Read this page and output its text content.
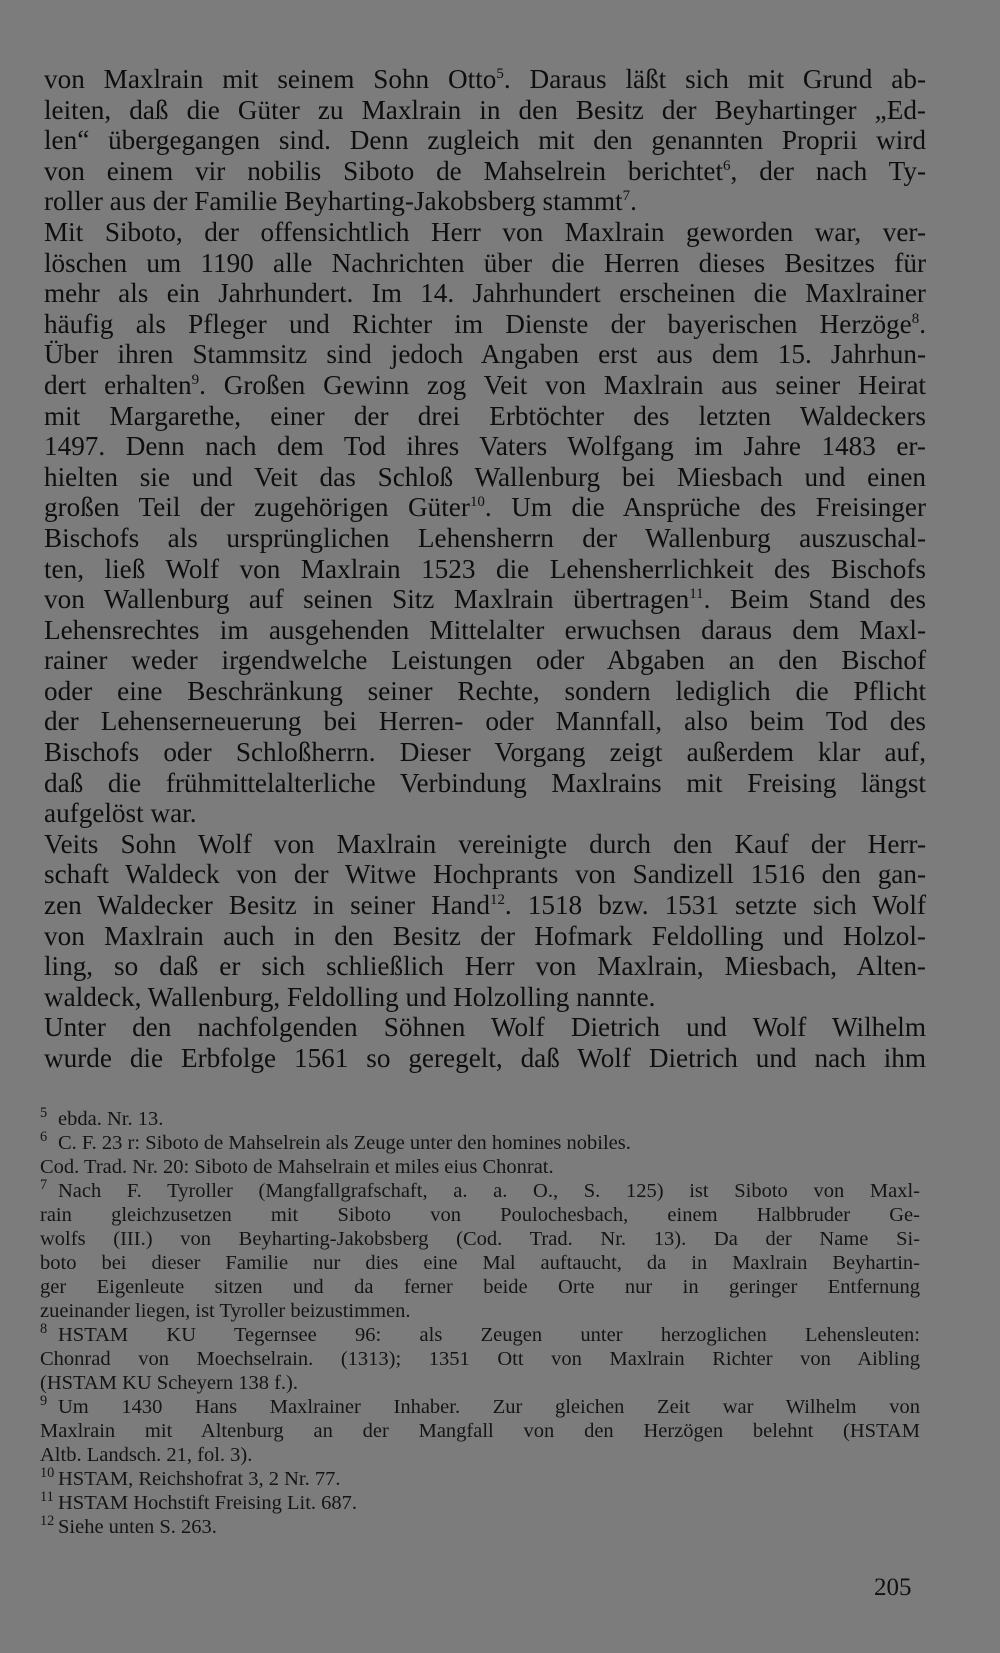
von Maxlrain mit seinem Sohn Otto$^5$. Daraus läßt sich mit Grund ab-
leiten, daß die Güter zu Maxlrain in den Besitz der Beyhartinger „Ed-
len“ übergegangen sind. Denn zugleich mit den genannten Proprii wird
von einem vir nobilis Siboto de Mahselrein berichtet$^6$, der nach Ty-
roller aus der Familie Beyharting-Jakobsberg stammt$^7$.
Mit Siboto, der offensichtlich Herr von Maxlrain geworden war, ver-
löschen um 1190 alle Nachrichten über die Herren dieses Besitzes für
mehr als ein Jahrhundert. Im 14. Jahrhundert erscheinen die Maxlrainer
häufig als Pfleger und Richter im Dienste der bayerischen Herzöge$^8$.
Über ihren Stammsitz sind jedoch Angaben erst aus dem 15. Jahrhun-
dert erhalten$^9$. Großen Gewinn zog Veit von Maxlrain aus seiner Heirat
mit Margarethe, einer der drei Erbtöchter des letzten Waldeckers
1497. Denn nach dem Tod ihres Vaters Wolfgang im Jahre 1483 er-
hielten sie und Veit das Schloß Wallenburg bei Miesbach und einen
großen Teil der zugehörigen Güter$^{10}$. Um die Ansprüche des Freisinger
Bischofs als ursprünglichen Lehensherrn der Wallenburg auszuschal-
ten, ließ Wolf von Maxlrain 1523 die Lehensherrlichkeit des Bischofs
von Wallenburg auf seinen Sitz Maxlrain übertragen$^{11}$. Beim Stand des
Lehensrechtes im ausgehenden Mittelalter erwuchsen daraus dem Maxl-
rainer weder irgendwelche Leistungen oder Abgaben an den Bischof
oder eine Beschränkung seiner Rechte, sondern lediglich die Pflicht
der Lehenserneuerung bei Herren- oder Mannfall, also beim Tod des
Bischofs oder Schloßherrn. Dieser Vorgang zeigt außerdem klar auf,
daß die frühmittelalterliche Verbindung Maxlrains mit Freising längst
aufgelöst war.
Veits Sohn Wolf von Maxlrain vereinigte durch den Kauf der Herr-
schaft Waldeck von der Witwe Hochprants von Sandizell 1516 den gan-
zen Waldecker Besitz in seiner Hand$^{12}$. 1518 bzw. 1531 setzte sich Wolf
von Maxlrain auch in den Besitz der Hofmark Feldolling und Holzol-
ling, so daß er sich schließlich Herr von Maxlrain, Miesbach, Alten-
waldeck, Wallenburg, Feldolling und Holzolling nannte.
Unter den nachfolgenden Söhnen Wolf Dietrich und Wolf Wilhelm
wurde die Erbfolge 1561 so geregelt, daß Wolf Dietrich und nach ihm
5 ebda. Nr. 13.
6 C. F. 23 r: Siboto de Mahselrein als Zeuge unter den homines nobiles.
Cod. Trad. Nr. 20: Siboto de Mahselrain et miles eius Chonrat.
7 Nach F. Tyroller (Mangfallgrafschaft, a. a. O., S. 125) ist Siboto von Maxl-
rain gleichzusetzen mit Siboto von Poulochesbach, einem Halbbruder Ge-
wolfs (III.) von Beyharting-Jakobsberg (Cod. Trad. Nr. 13). Da der Name Si-
boto bei dieser Familie nur dies eine Mal auftaucht, da in Maxlrain Beyhartin-
ger Eigenleute sitzen und da ferner beide Orte nur in geringer Entfernung
zueinander liegen, ist Tyroller beizustimmen.
8 HSTAM KU Tegernsee 96: als Zeugen unter herzoglichen Lehensleuten:
Chonrad von Moechselrain. (1313); 1351 Ott von Maxlrain Richter von Aibling
(HSTAM KU Scheyern 138 f.).
9 Um 1430 Hans Maxlrainer Inhaber. Zur gleichen Zeit war Wilhelm von
Maxlrain mit Altenburg an der Mangfall von den Herzögen belehnt (HSTAM
Altb. Landsch. 21, fol. 3).
10 HSTAM, Reichshofrat 3, 2 Nr. 77.
11 HSTAM Hochstift Freising Lit. 687.
12 Siehe unten S. 263.
205
